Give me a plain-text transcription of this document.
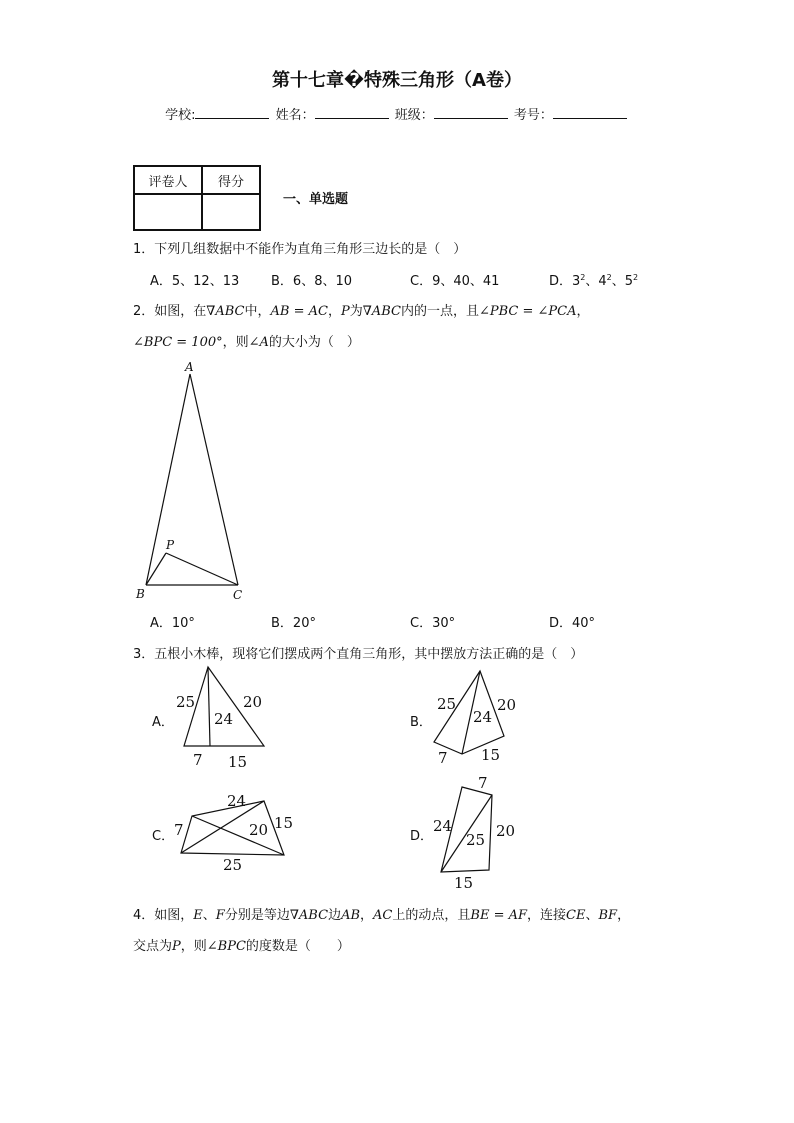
第十七章�特殊三角形（A卷）
学校:	姓名：	班级：	考号：
评卷人	得分

一、单选题
1．下列几组数据中不能作为直角三角形三边长的是（　）
A．5、12、13 B．6、8、10	C．9、40、41	D．$3^2$、$4^2$、$5^2$
2．如图，在∇ABC中，AB = AC，P为∇ABC内的一点，且∠PBC = ∠PCA，
∠BPC = 100°，则∠A的大小为（　）
A
B	C
P
A．10°	B．20°	C．30°	D．40°
3．五根小木棒，现将它们摆成两个直角三角形，其中摆放方法正确的是（　）
A．	B．
C．	D．
25	20
24
7 15
25
24
20
7 15
24
7	20 15
25
7
24
25 20
15
4．如图，E、F分别是等边∇ABC边AB，AC上的动点，且BE = AF，连接CE、BF，
交点为P，则∠BPC的度数是（　　）
